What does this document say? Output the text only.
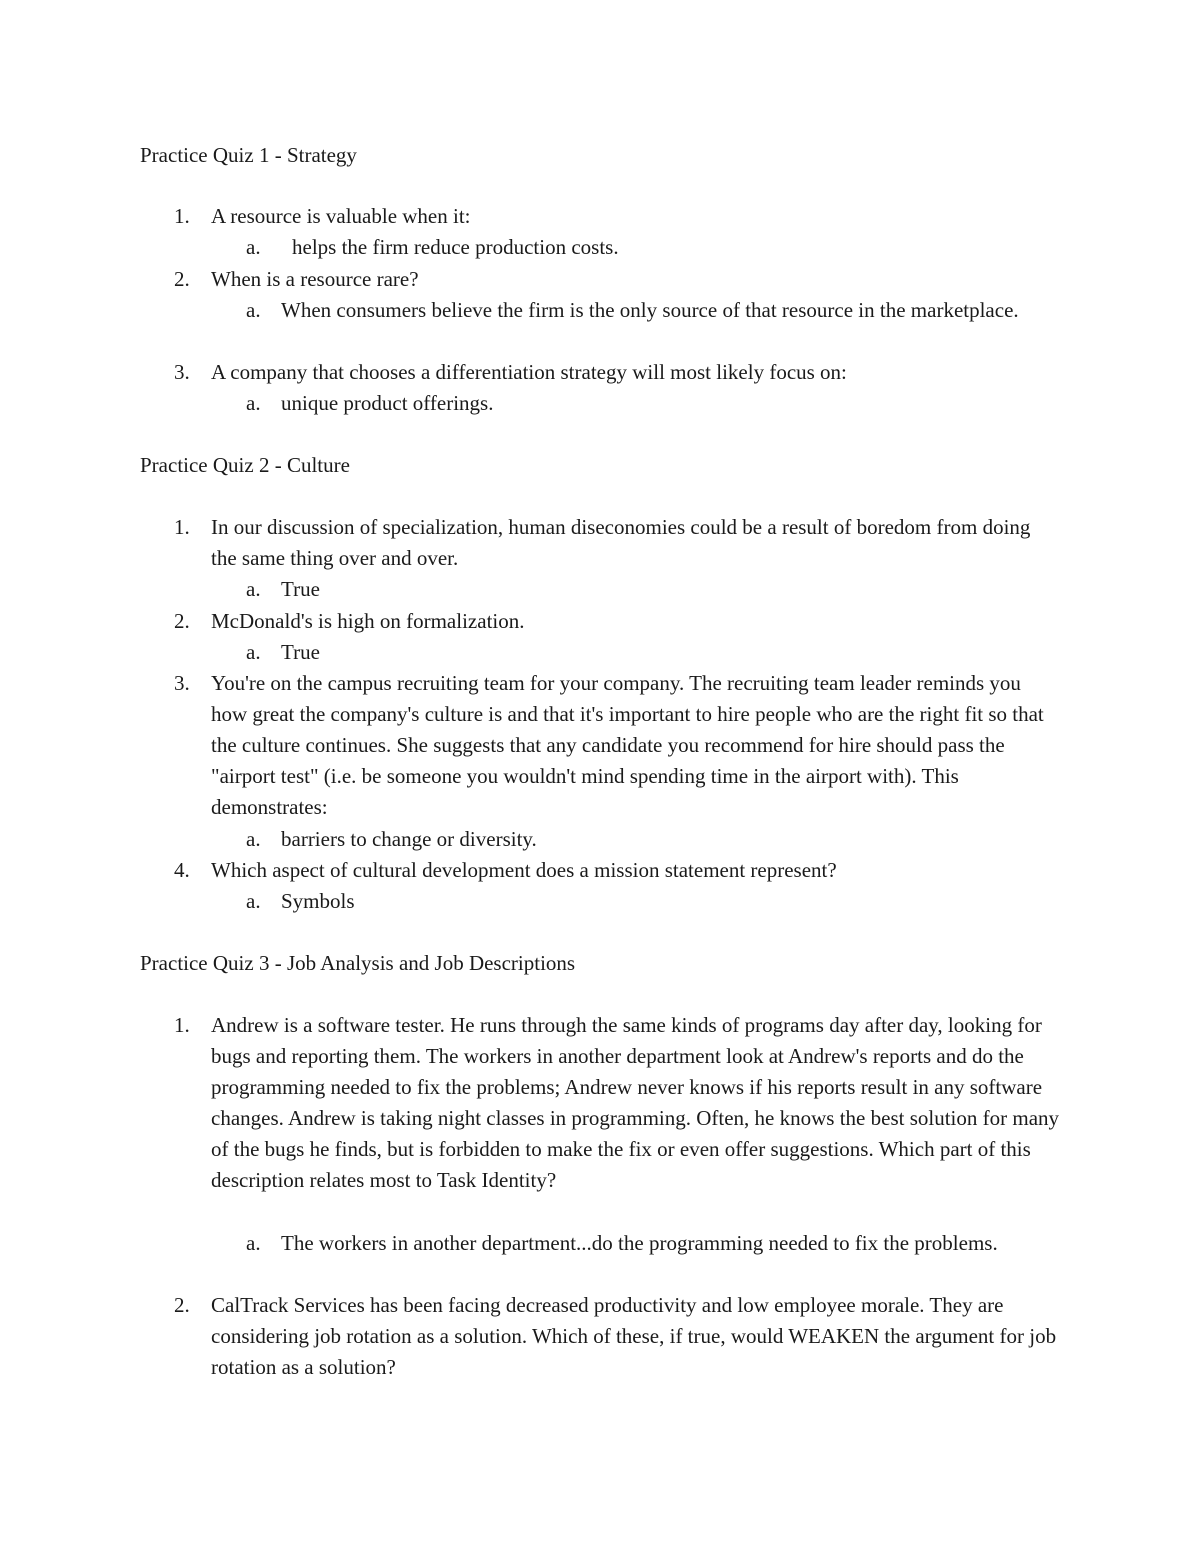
Practice Quiz 1 - Strategy
1.	A resource is valuable when it:
a.	helps the firm reduce production costs.
2.	When is a resource rare?
a. When consumers believe the firm is the only source of that resource in the marketplace.
3.	A company that chooses a differentiation strategy will most likely focus on:
a. unique product offerings.
Practice Quiz 2 - Culture
1.	In our discussion of specialization, human diseconomies could be a result of boredom from doing the same thing over and over.
a. True
2.	McDonald's is high on formalization.
a. True
3.	You're on the campus recruiting team for your company. The recruiting team leader reminds you how great the company's culture is and that it's important to hire people who are the right fit so that the culture continues. She suggests that any candidate you recommend for hire should pass the "airport test" (i.e. be someone you wouldn't mind spending time in the airport with). This demonstrates:
a. barriers to change or diversity.
4.	Which aspect of cultural development does a mission statement represent?
a. Symbols
Practice Quiz 3 - Job Analysis and Job Descriptions
1.	Andrew is a software tester. He runs through the same kinds of programs day after day, looking for bugs and reporting them. The workers in another department look at Andrew's reports and do the programming needed to fix the problems; Andrew never knows if his reports result in any software changes. Andrew is taking night classes in programming. Often, he knows the best solution for many of the bugs he finds, but is forbidden to make the fix or even offer suggestions. Which part of this description relates most to Task Identity?
a. The workers in another department...do the programming needed to fix the problems.
2.	CalTrack Services has been facing decreased productivity and low employee morale. They are considering job rotation as a solution. Which of these, if true, would WEAKEN the argument for job rotation as a solution?
